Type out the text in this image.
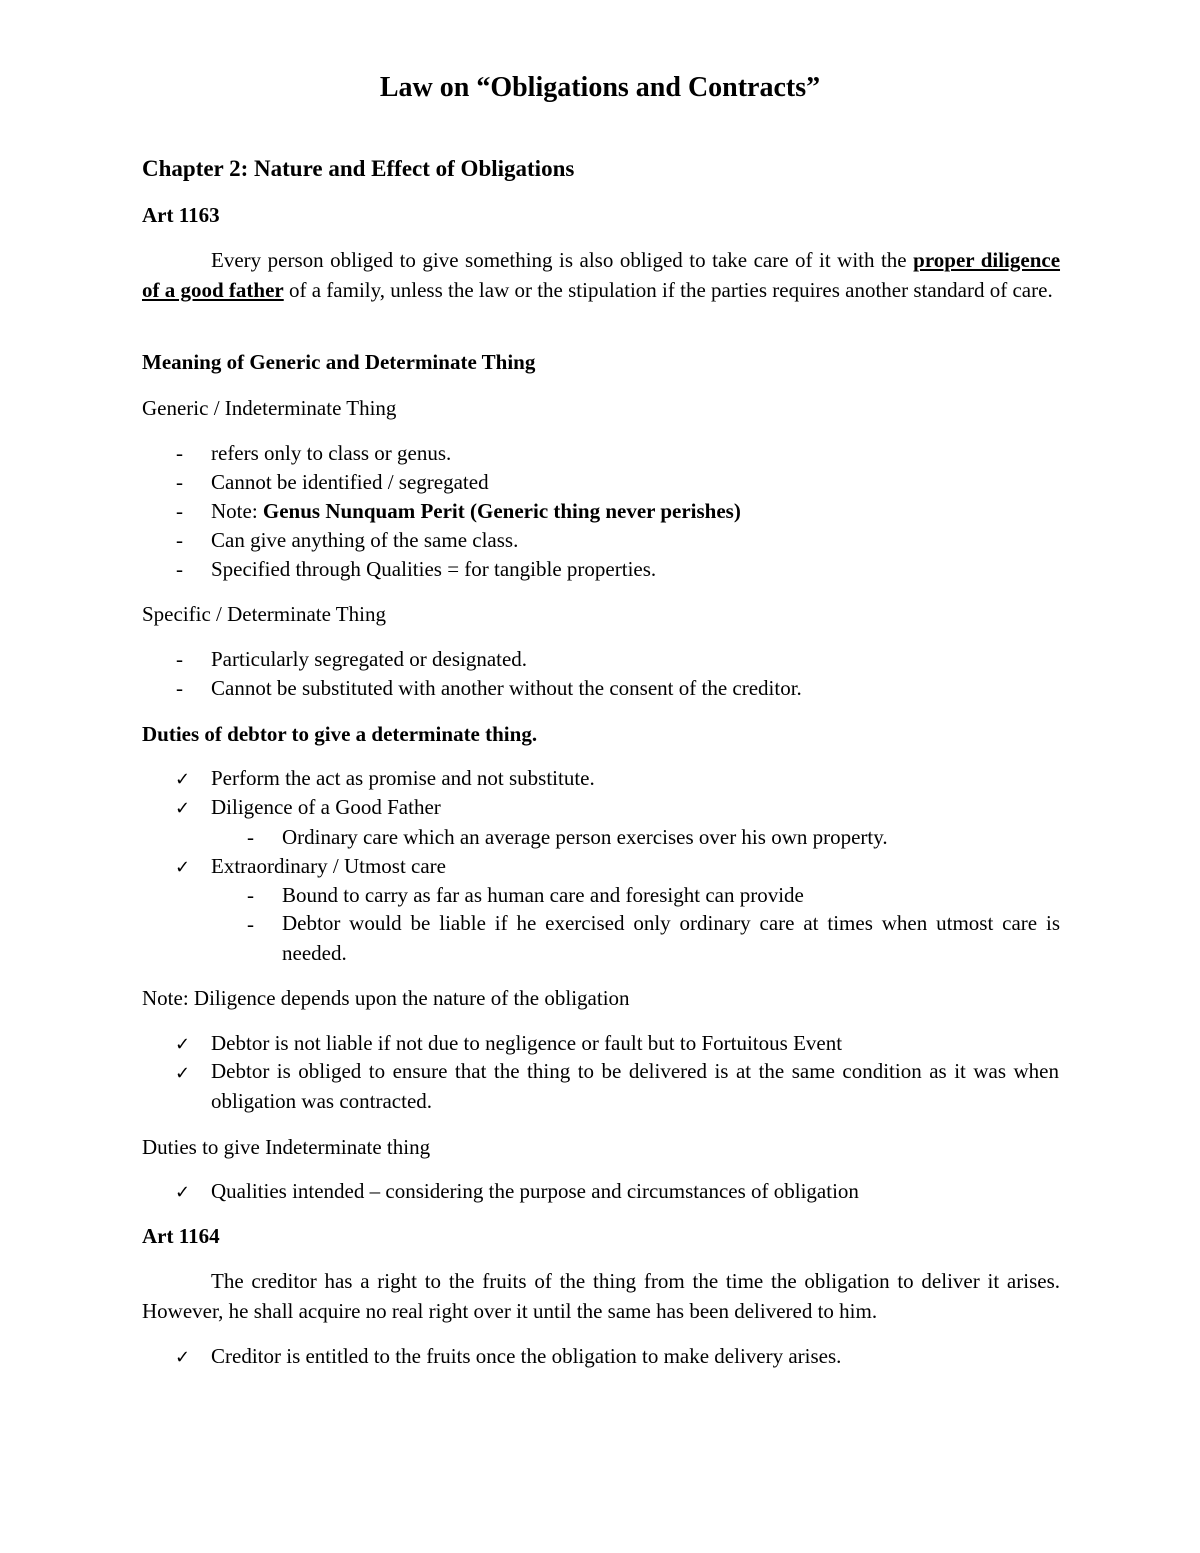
Law on “Obligations and Contracts”
Chapter 2: Nature and Effect of Obligations
Art 1163
Every person obliged to give something is also obliged to take care of it with the proper diligence of a good father of a family, unless the law or the stipulation if the parties requires another standard of care.
Meaning of Generic and Determinate Thing
Generic / Indeterminate Thing
- refers only to class or genus.
- Cannot be identified / segregated
- Note: Genus Nunquam Perit (Generic thing never perishes)
- Can give anything of the same class.
- Specified through Qualities = for tangible properties.
Specific / Determinate Thing
- Particularly segregated or designated.
- Cannot be substituted with another without the consent of the creditor.
Duties of debtor to give a determinate thing.
✓ Perform the act as promise and not substitute.
✓ Diligence of a Good Father
- Ordinary care which an average person exercises over his own property.
✓ Extraordinary / Utmost care
- Bound to carry as far as human care and foresight can provide
- Debtor would be liable if he exercised only ordinary care at times when utmost care is needed.
Note: Diligence depends upon the nature of the obligation
✓ Debtor is not liable if not due to negligence or fault but to Fortuitous Event
✓ Debtor is obliged to ensure that the thing to be delivered is at the same condition as it was when obligation was contracted.
Duties to give Indeterminate thing
✓ Qualities intended – considering the purpose and circumstances of obligation
Art 1164
The creditor has a right to the fruits of the thing from the time the obligation to deliver it arises. However, he shall acquire no real right over it until the same has been delivered to him.
✓ Creditor is entitled to the fruits once the obligation to make delivery arises.
